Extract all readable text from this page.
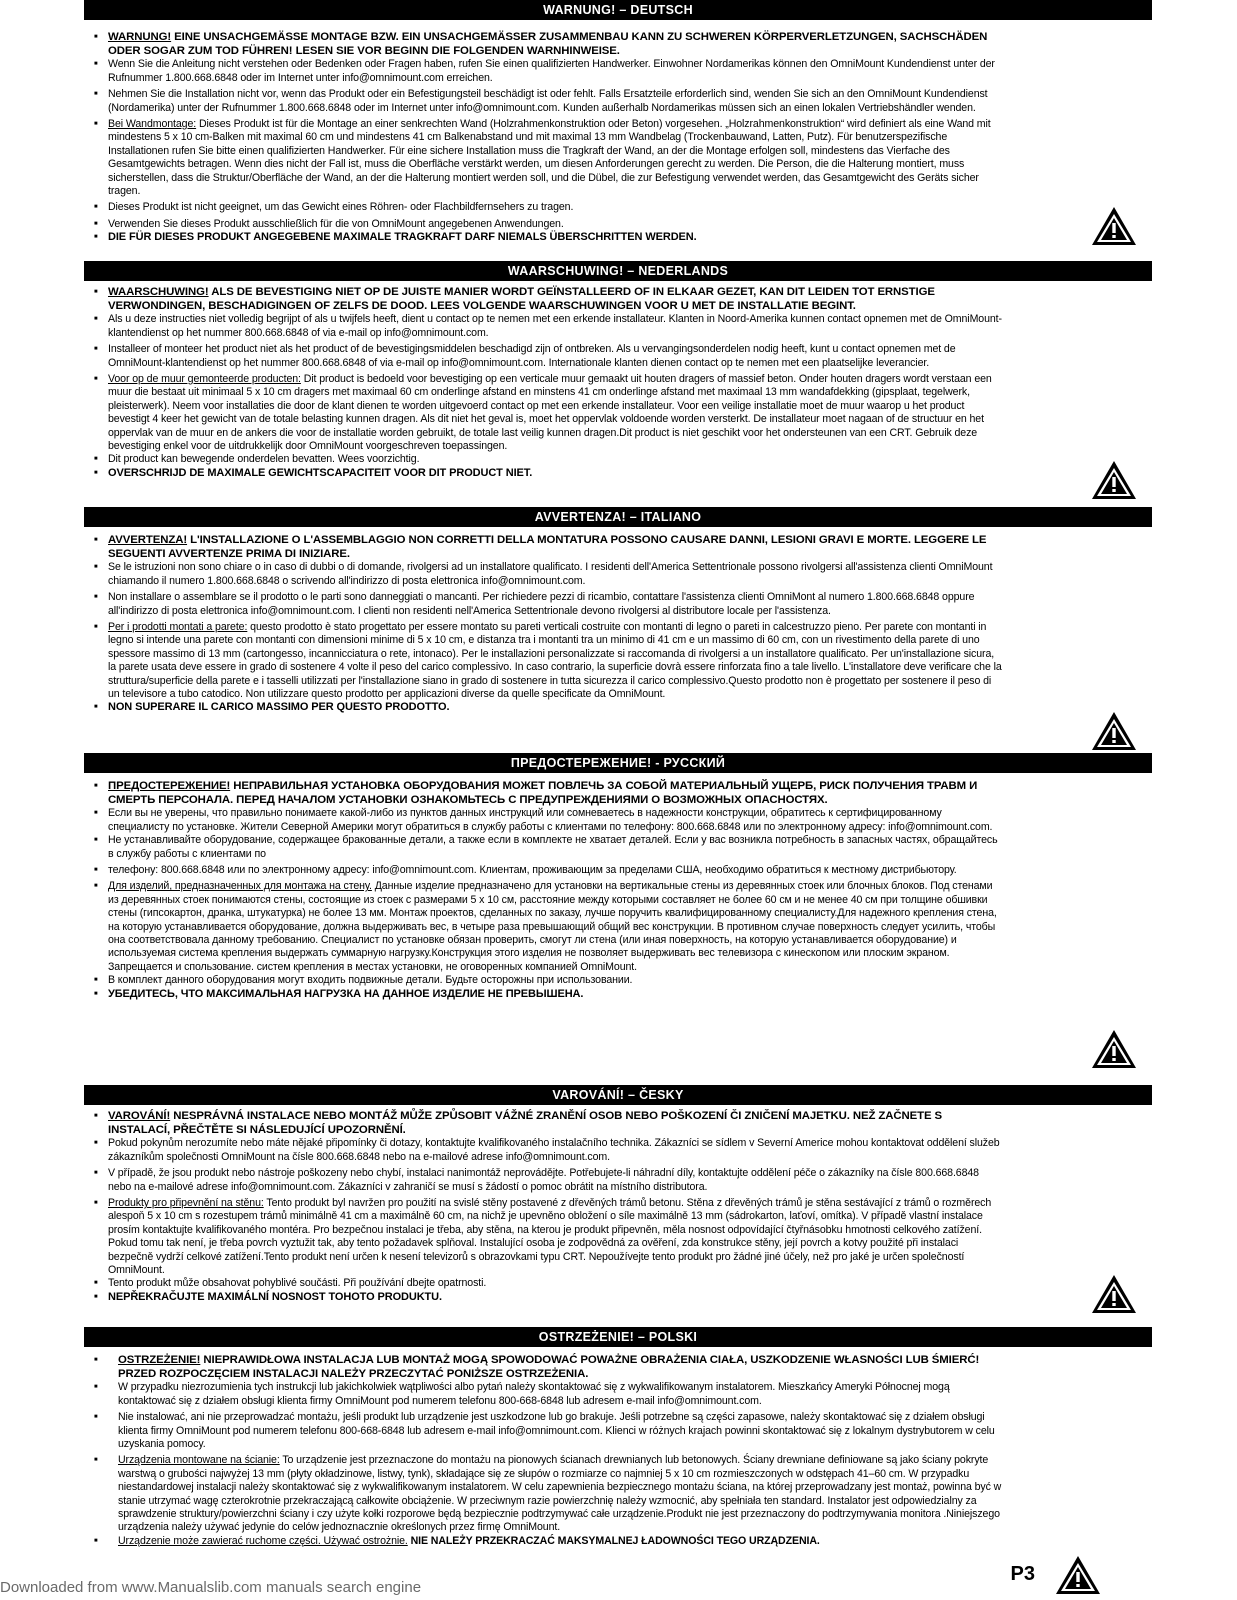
WARNUNG! – DEUTSCH
■ WARNUNG! EINE UNSACHGEMÄSSE MONTAGE BZW. EIN UNSACHGEMÄSSER ZUSAMMENBAU KANN ZU SCHWEREN KÖRPERVERLETZUNGEN, SACHSCHÄDEN ODER SOGAR ZUM TOD FÜHREN! LESEN SIE VOR BEGINN DIE FOLGENDEN WARNHINWEISE.
■ Wenn Sie die Anleitung nicht verstehen oder Bedenken oder Fragen haben, rufen Sie einen qualifizierten Handwerker. Einwohner Nordamerikas können den OmniMount Kundendienst unter der Rufnummer 1.800.668.6848 oder im Internet unter info@omnimount.com erreichen.
■ Nehmen Sie die Installation nicht vor, wenn das Produkt oder ein Befestigungsteil beschädigt ist oder fehlt. Falls Ersatzteile erforderlich sind, wenden Sie sich an den OmniMount Kundendienst (Nordamerika) unter der Rufnummer 1.800.668.6848 oder im Internet unter info@omnimount.com. Kunden außerhalb Nordamerikas müssen sich an einen lokalen Vertriebshändler wenden.
■ Bei Wandmontage: Dieses Produkt ist für die Montage an einer senkrechten Wand (Holzrahmenkonstruktion oder Beton) vorgesehen. „Holzrahmenkonstruktion“ wird definiert als eine Wand mit mindestens 5 x 10 cm-Balken mit maximal 60 cm und mindestens 41 cm Balkenabstand und mit maximal 13 mm Wandbelag (Trockenbauwand, Latten, Putz). Für benutzerspezifische Installationen rufen Sie bitte einen qualifizierten Handwerker. Für eine sichere Installation muss die Tragkraft der Wand, an der die Montage erfolgen soll, mindestens das Vierfache des Gesamtgewichts betragen. Wenn dies nicht der Fall ist, muss die Oberfläche verstärkt werden, um diesen Anforderungen gerecht zu werden. Die Person, die die Halterung montiert, muss sicherstellen, dass die Struktur/Oberfläche der Wand, an der die Halterung montiert werden soll, und die Dübel, die zur Befestigung verwendet werden, das Gesamtgewicht des Geräts sicher tragen.
■ Dieses Produkt ist nicht geeignet, um das Gewicht eines Röhren- oder Flachbildfernsehers zu tragen.
■ Verwenden Sie dieses Produkt ausschließlich für die von OmniMount angegebenen Anwendungen.
■ DIE FÜR DIESES PRODUKT ANGEGEBENE MAXIMALE TRAGKRAFT DARF NIEMALS ÜBERSCHRITTEN WERDEN.
WAARSCHUWING! – NEDERLANDS
■ WAARSCHUWING! ALS DE BEVESTIGING NIET OP DE JUISTE MANIER WORDT GEÏNSTALLEERD OF IN ELKAAR GEZET, KAN DIT LEIDEN TOT ERNSTIGE VERWONDINGEN, BESCHADIGINGEN OF ZELFS DE DOOD. LEES VOLGENDE WAARSCHUWINGEN VOOR U MET DE INSTALLATIE BEGINT.
■ Als u deze instructies niet volledig begrijpt of als u twijfels heeft, dient u contact op te nemen met een erkende installateur. Klanten in Noord-Amerika kunnen contact opnemen met de OmniMount-klantendienst op het nummer 800.668.6848 of via e-mail op info@omnimount.com.
■ Installeer of monteer het product niet als het product of de bevestigingsmiddelen beschadigd zijn of ontbreken. Als u vervangingsonderdelen nodig heeft, kunt u contact opnemen met de OmniMount-klantendienst op het nummer 800.668.6848 of via e-mail op info@omnimount.com. Internationale klanten dienen contact op te nemen met een plaatselijke leverancier.
■ Voor op de muur gemonteerde producten: Dit product is bedoeld voor bevestiging op een verticale muur gemaakt uit houten dragers of massief beton. Onder houten dragers wordt verstaan een muur die bestaat uit minimaal 5 x 10 cm dragers met maximaal 60 cm onderlinge afstand en minstens 41 cm onderlinge afstand met maximaal 13 mm wandafdekking (gipsplaat, tegelwerk, pleisterwerk). Neem voor installaties die door de klant dienen te worden uitgevoerd contact op met een erkende installateur. Voor een veilige installatie moet de muur waarop u het product bevestigt 4 keer het gewicht van de totale belasting kunnen dragen. Als dit niet het geval is, moet het oppervlak voldoende worden versterkt. De installateur moet nagaan of de structuur en het oppervlak van de muur en de ankers die voor de installatie worden gebruikt, de totale last veilig kunnen dragen.Dit product is niet geschikt voor het ondersteunen van een CRT. Gebruik deze bevestiging enkel voor de uitdrukkelijk door OmniMount voorgeschreven toepassingen.
■ Dit product kan bewegende onderdelen bevatten. Wees voorzichtig.
■ OVERSCHRIJD DE MAXIMALE GEWICHTSCAPACITEIT VOOR DIT PRODUCT NIET.
AVVERTENZA! – ITALIANO
■ AVVERTENZA! L'INSTALLAZIONE O L'ASSEMBLAGGIO NON CORRETTI DELLA MONTATURA POSSONO CAUSARE DANNI, LESIONI GRAVI E MORTE. LEGGERE LE SEGUENTI AVVERTENZE PRIMA DI INIZIARE.
■ Se le istruzioni non sono chiare o in caso di dubbi o di domande, rivolgersi ad un installatore qualificato. I residenti dell'America Settentrionale possono rivolgersi all'assistenza clienti OmniMount chiamando il numero 1.800.668.6848 o scrivendo all'indirizzo di posta elettronica info@omnimount.com.
■ Non installare o assemblare se il prodotto o le parti sono danneggiati o mancanti. Per richiedere pezzi di ricambio, contattare l'assistenza clienti OmniMont al numero 1.800.668.6848 oppure all'indirizzo di posta elettronica info@omnimount.com. I clienti non residenti nell'America Settentrionale devono rivolgersi al distributore locale per l'assistenza.
■ Per i prodotti montati a parete: questo prodotto è stato progettato per essere montato su pareti verticali costruite con montanti di legno o pareti in calcestruzzo pieno. Per parete con montanti in legno si intende una parete con montanti con dimensioni minime di 5 x 10 cm, e distanza tra i montanti tra un minimo di 41 cm e un massimo di 60 cm, con un rivestimento della parete di uno spessore massimo di 13 mm (cartongesso, incannicciatura o rete, intonaco). Per le installazioni personalizzate si raccomanda di rivolgersi a un installatore qualificato. Per un'installazione sicura, la parete usata deve essere in grado di sostenere 4 volte il peso del carico complessivo. In caso contrario, la superficie dovrà essere rinforzata fino a tale livello. L'installatore deve verificare che la struttura/superficie della parete e i tasselli utilizzati per l'installazione siano in grado di sostenere in tutta sicurezza il carico complessivo.Questo prodotto non è progettato per sostenere il peso di un televisore a tubo catodico. Non utilizzare questo prodotto per applicazioni diverse da quelle specificate da OmniMount.
■ NON SUPERARE IL CARICO MASSIMO PER QUESTO PRODOTTO.
ПРЕДОСТЕРЕЖЕНИЕ! - РУССКИЙ
■ ПРЕДОСТЕРЕЖЕНИЕ! НЕПРАВИЛЬНАЯ УСТАНОВКА ОБОРУДОВАНИЯ МОЖЕТ ПОВЛЕЧЬ ЗА СОБОЙ МАТЕРИАЛЬНЫЙ УЩЕРБ, РИСК ПОЛУЧЕНИЯ ТРАВМ И СМЕРТЬ ПЕРСОНАЛА. ПЕРЕД НАЧАЛОМ УСТАНОВКИ ОЗНАКОМЬТЕСЬ С ПРЕДУПРЕЖДЕНИЯМИ О ВОЗМОЖНЫХ ОПАСНОСТЯХ.
■ Если вы не уверены, что правильно понимаете какой-либо из пунктов данных инструкций или сомневаетесь в надежности конструкции, обратитесь к сертифицированному специалисту по установке. Жители Северной Америки могут обратиться в службу работы с клиентами по телефону: 800.668.6848 или по электронному адресу: info@omnimount.com.
■ Не устанавливайте оборудование, содержащее бракованные детали, а также если в комплекте не хватает деталей. Если у вас возникла потребность в запасных частях, обращайтесь в службу работы с клиентами по
■ телефону: 800.668.6848 или по электронному адресу: info@omnimount.com. Клиентам, проживающим за пределами США, необходимо обратиться к местному дистрибьютору.
■ Для изделий, предназначенных для монтажа на стену. Данные изделие предназначено для установки на вертикальные стены из деревянных стоек или блочных блоков. Под стенами из деревянных стоек понимаются стены, состоящие из стоек с размерами 5 x 10 см, расстояние между которыми составляет не более 60 см и не менее 40 см при толщине обшивки стены (гипсокартон, дранка, штукатурка) не более 13 мм. Монтаж проектов, сделанных по заказу, лучше поручить квалифицированному специалисту.Для надежного крепления стена, на которую устанавливается оборудование, должна выдерживать вес, в четыре раза превышающий общий вес конструкции. В противном случае поверхность следует усилить, чтобы она соответствовала данному требованию. Специалист по установке обязан проверить, смогут ли стена (или иная поверхность, на которую устанавливается оборудование) и используемая система крепления выдержать суммарную нагрузку.Конструкция этого изделия не позволяет выдерживать вес телевизора с кинескопом или плоским экраном. Запрещается и спользование. систем крепления в местах установки, не оговоренных компанией OmniMount.
■ В комплект данного оборудования могут входить подвижные детали. Будьте осторожны при использовании.
■ УБЕДИТЕСЬ, ЧТО МАКСИМАЛЬНАЯ НАГРУЗКА НА ДАННОЕ ИЗДЕЛИЕ НЕ ПРЕВЫШЕНА.
VAROVÁNÍ! – ČESKY
■ VAROVÁNÍ! NESPRÁVNÁ INSTALACE NEBO MONTÁŽ MŮŽE ZPŮSOBIT VÁŽNÉ ZRANĚNÍ OSOB NEBO POŠKOZENÍ ČI ZNIČENÍ MAJETKU. NEŽ ZAČNETE S INSTALACÍ, PŘEČTĚTE SI NÁSLEDUJÍCÍ UPOZORNĚNÍ.
■ Pokud pokynům nerozumíte nebo máte nějaké připomínky či dotazy, kontaktujte kvalifikovaného instalačního technika. Zákazníci se sídlem v Severní Americe mohou kontaktovat oddělení služeb zákazníkům společnosti OmniMount na čísle 800.668.6848 nebo na e-mailové adrese info@omnimount.com.
■ V případě, že jsou produkt nebo nástroje poškozeny nebo chybí, instalaci nanimontáž neprovádějte. Potřebujete-li náhradní díly, kontaktujte oddělení péče o zákazníky na čísle 800.668.6848 nebo na e-mailové adrese info@omnimount.com. Zákazníci v zahraničí se musí s žádostí o pomoc obrátit na místního distributora.
■ Produkty pro připevnění na stěnu: Tento produkt byl navržen pro použití na svislé stěny postavené z dřevěných trámů betonu. Stěna z dřevěných trámů je stěna sestávající z trámů o rozměrech alespoň 5 x 10 cm s rozestupem trámů minimálně 41 cm a maximálně 60 cm, na nichž je upevněno obložení o síle maximálně 13 mm (sádrokarton, laťoví, omítka). V případě vlastní instalace prosím kontaktujte kvalifikovaného montéra. Pro bezpečnou instalaci je třeba, aby stěna, na kterou je produkt připevněn, měla nosnost odpovídající čtyřnásobku hmotnosti celkového zatížení. Pokud tomu tak není, je třeba povrch vyztužit tak, aby tento požadavek splňoval. Instalující osoba je zodpovědná za ověření, zda konstrukce stěny, její povrch a kotvy použité při instalaci bezpečně vydrží celkové zatížení.Tento produkt není určen k nesení televizorů s obrazovkami typu CRT. Nepoužívejte tento produkt pro žádné jiné účely, než pro jaké je určen společností OmniMount.
■ Tento produkt může obsahovat pohyblivé součásti. Při používání dbejte opatrnosti.
■ NEPŘEKRAČUJTE MAXIMÁLNÍ NOSNOST TOHOTO PRODUKTU.
OSTRZEŻENIE! – POLSKI
■ OSTRZEŻENIE! NIEPRAWIDŁOWA INSTALACJA LUB MONTAŻ MOGĄ SPOWODOWAĆ POWAŻNE OBRAŻENIA CIAŁA, USZKODZENIE WŁASNOŚCI LUB ŚMIERĆ! PRZED ROZPOCZĘCIEM INSTALACJI NALEŻY PRZECZYTAĆ PONIŻSZE OSTRZEŻENIA.
■ W przypadku niezrozumienia tych instrukcji lub jakichkolwiek wątpliwości albo pytań należy skontaktować się z wykwalifikowanym instalatorem. Mieszkańcy Ameryki Północnej mogą kontaktować się z działem obsługi klienta firmy OmniMount pod numerem telefonu 800-668-6848 lub adresem e-mail info@omnimount.com.
■ Nie instalować, ani nie przeprowadzać montażu, jeśli produkt lub urządzenie jest uszkodzone lub go brakuje. Jeśli potrzebne są części zapasowe, należy skontaktować się z działem obsługi klienta firmy OmniMount pod numerem telefonu 800-668-6848 lub adresem e-mail info@omnimount.com. Klienci w różnych krajach powinni skontaktować się z lokalnym dystrybutorem w celu uzyskania pomocy.
■ Urządzenia montowane na ścianie: To urządzenie jest przeznaczone do montażu na pionowych ścianach drewnianych lub betonowych. Ściany drewniane definiowane są jako ściany pokryte warstwą o grubości najwyżej 13 mm (płyty okładzinowe, listwy, tynk), składające się ze słupów o rozmiarze co najmniej 5 x 10 cm rozmieszczonych w odstępach 41–60 cm. W przypadku niestandardowej instalacji należy skontaktować się z wykwalifikowanym instalatorem. W celu zapewnienia bezpiecznego montażu ściana, na której przeprowadzany jest montaż, powinna być w stanie utrzymać wagę czterokrotnie przekraczającą całkowite obciążenie. W przeciwnym razie powierzchnię należy wzmocnić, aby spełniała ten standard. Instalator jest odpowiedzialny za sprawdzenie struktury/powierzchni ściany i czy użyte kołki rozporowe będą bezpiecznie podtrzymywać całe urządzenie.Produkt nie jest przeznaczony do podtrzymywania monitora .Niniejszego urządzenia należy używać jedynie do celów jednoznacznie określonych przez firmę OmniMount.
■ Urządzenie może zawierać ruchome części. Używać ostrożnie. NIE NALEŻY PRZEKRACZAĆ MAKSYMALNEJ ŁADOWNOŚCI TEGO URZĄDZENIA.
P3
Downloaded from www.Manualslib.com manuals search engine
